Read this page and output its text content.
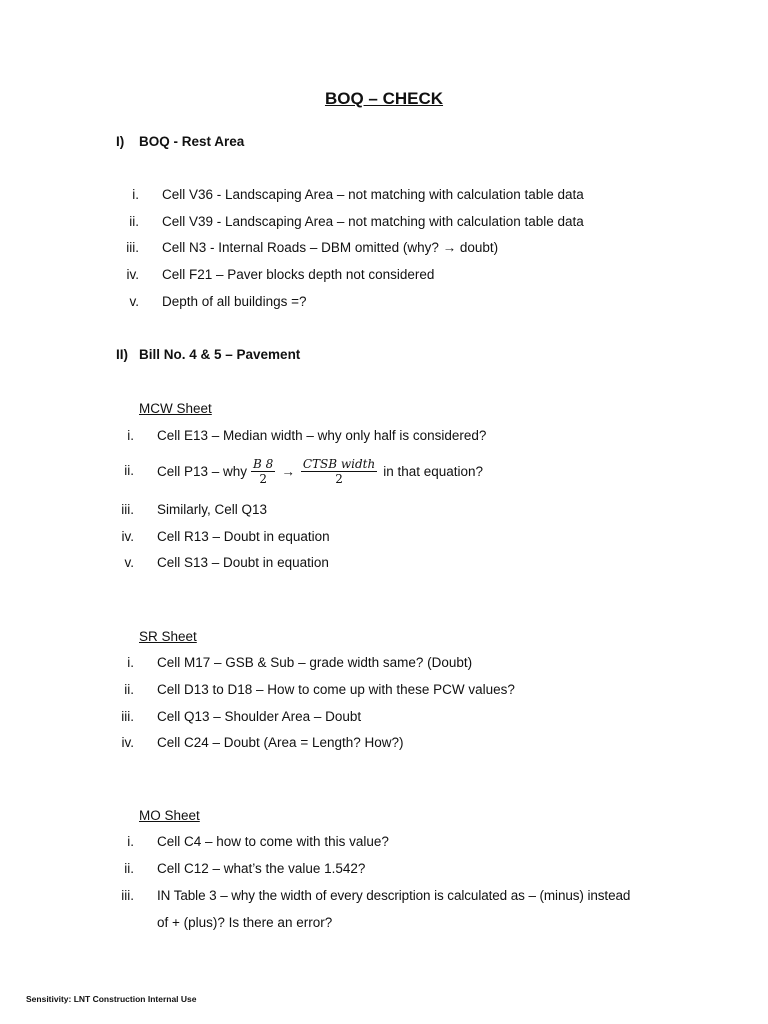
BOQ – CHECK
I) BOQ - Rest Area
i. Cell V36 - Landscaping Area – not matching with calculation table data
ii. Cell V39 - Landscaping Area – not matching with calculation table data
iii. Cell N3 - Internal Roads – DBM omitted (why? → doubt)
iv. Cell F21 – Paver blocks depth not considered
v. Depth of all buildings =?
II) Bill No. 4 & 5 – Pavement
MCW Sheet
i. Cell E13 – Median width – why only half is considered?
ii. Cell P13 – why $\frac{B 8}{2} \to \frac{\text{CTSB width}}{2}$ in that equation?
iii. Similarly, Cell Q13
iv. Cell R13 – Doubt in equation
v. Cell S13 – Doubt in equation
SR Sheet
i. Cell M17 – GSB & Sub – grade width same? (Doubt)
ii. Cell D13 to D18 – How to come up with these PCW values?
iii. Cell Q13 – Shoulder Area – Doubt
iv. Cell C24 – Doubt (Area = Length? How?)
MO Sheet
i. Cell C4 – how to come with this value?
ii. Cell C12 – what’s the value 1.542?
iii. IN Table 3 – why the width of every description is calculated as – (minus) instead
of + (plus)? Is there an error?
Sensitivity: LNT Construction Internal Use
